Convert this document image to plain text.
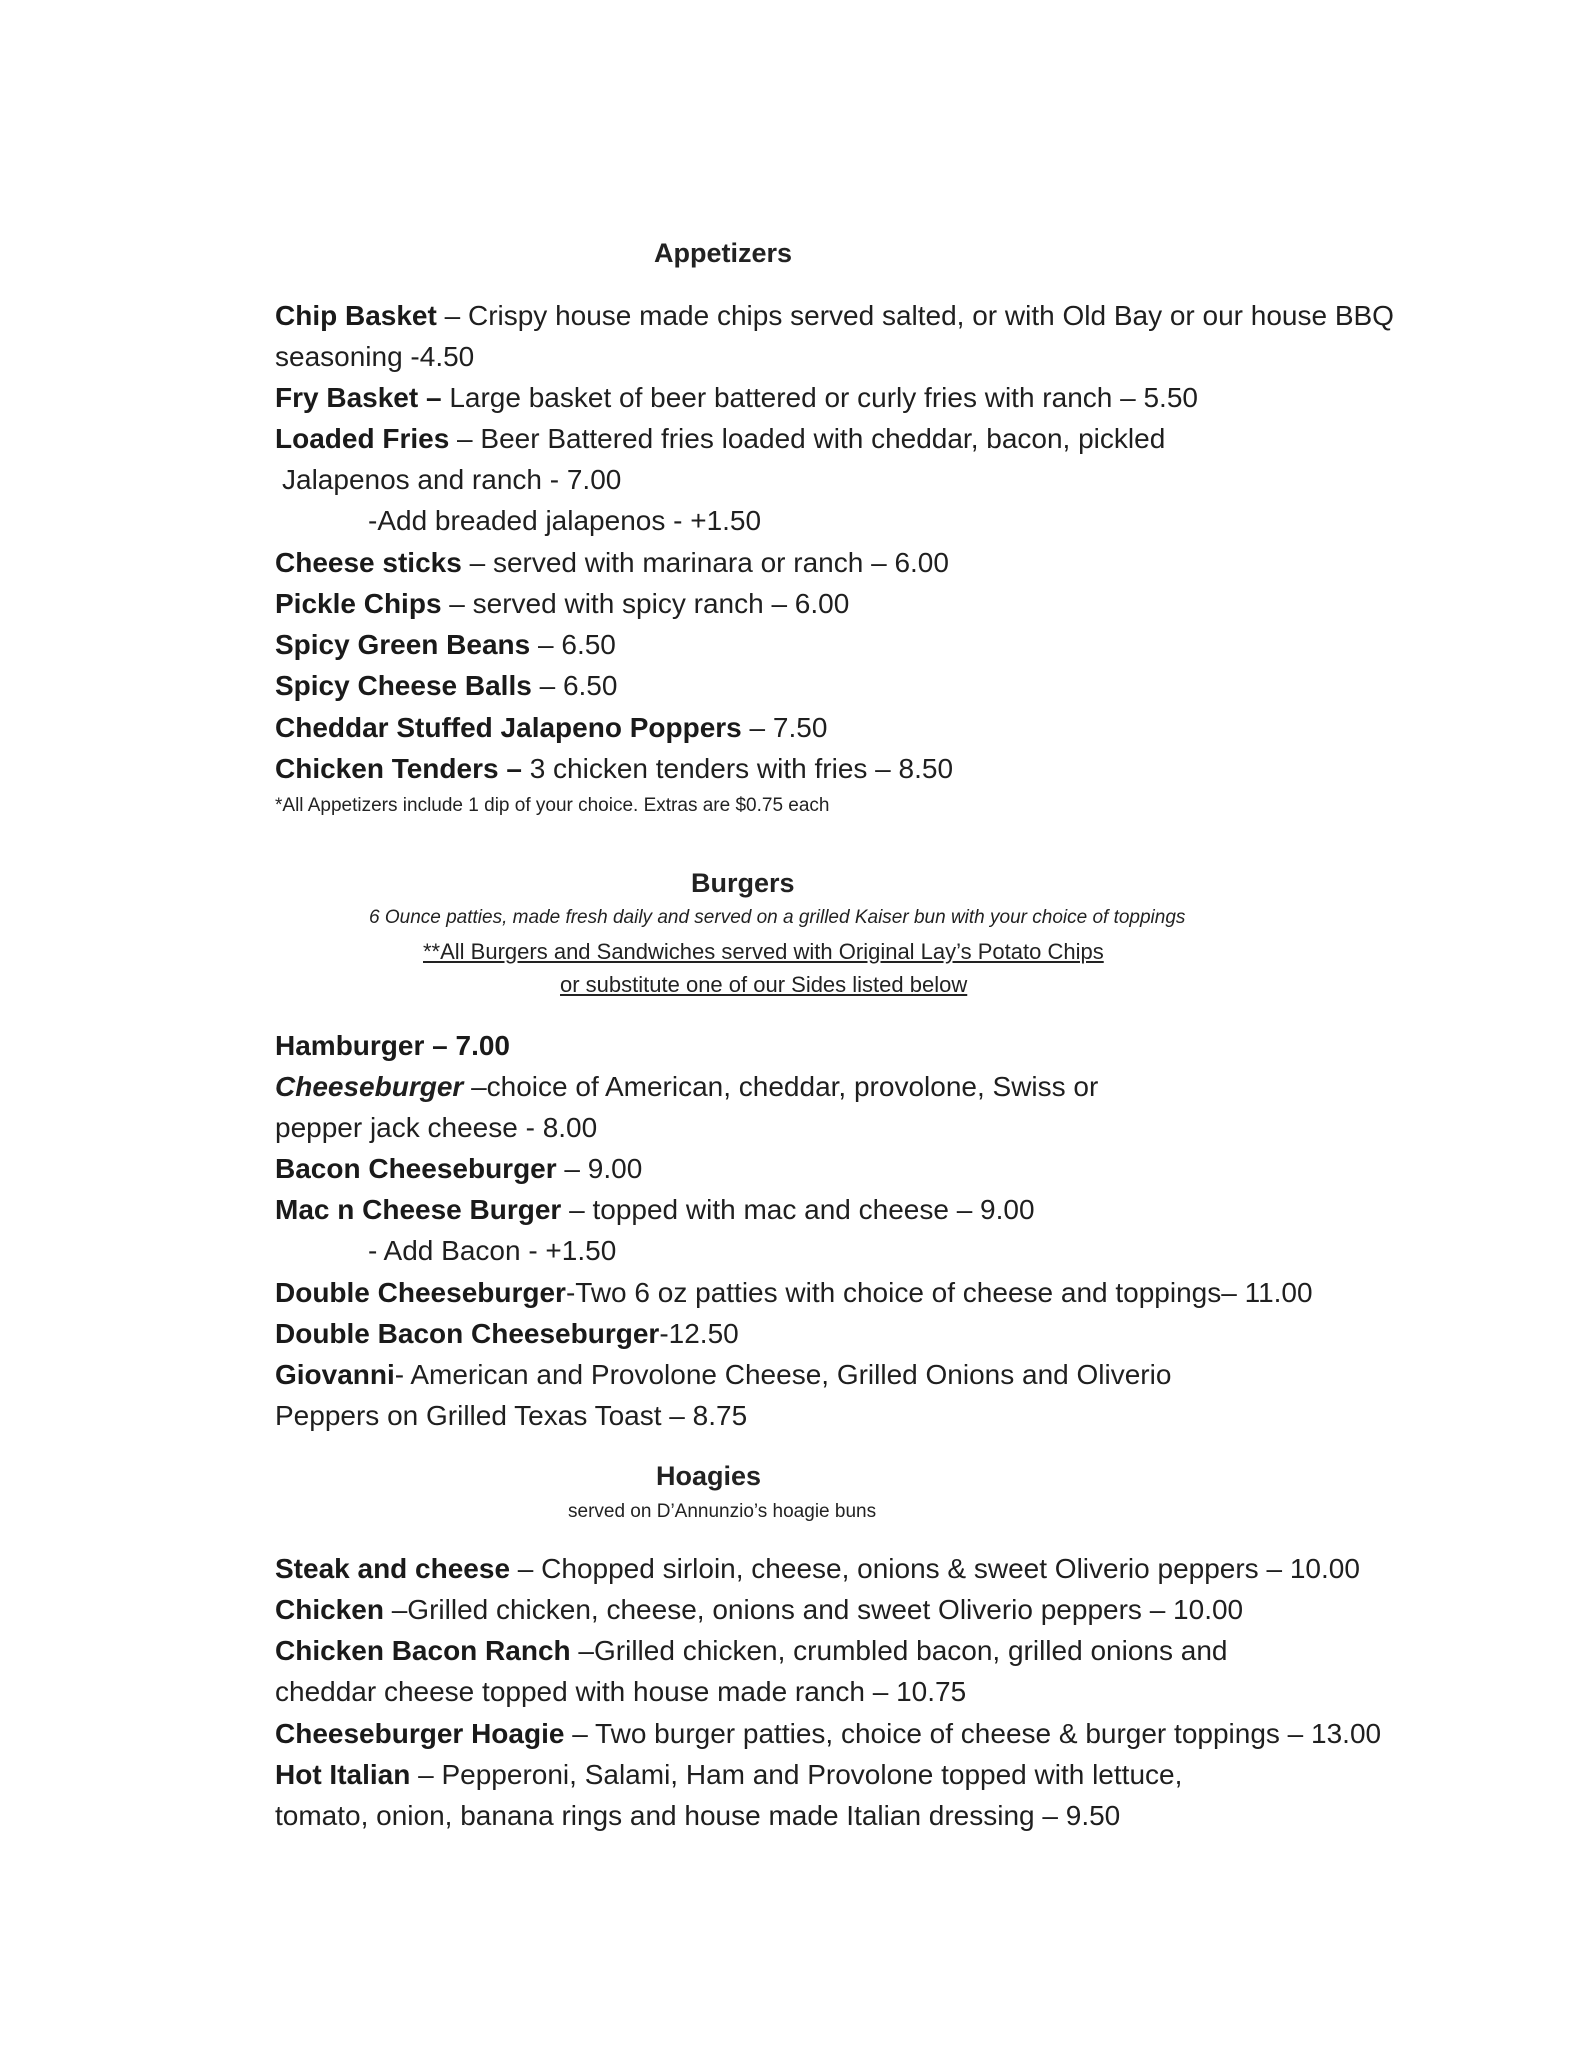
Appetizers
Chip Basket – Crispy house made chips served salted, or with Old Bay or our house BBQ
seasoning -4.50
Fry Basket – Large basket of beer battered or curly fries with ranch – 5.50
Loaded Fries – Beer Battered fries loaded with cheddar, bacon, pickled
Jalapenos and ranch - 7.00
-Add breaded jalapenos - +1.50
Cheese sticks – served with marinara or ranch – 6.00
Pickle Chips – served with spicy ranch – 6.00
Spicy Green Beans – 6.50
Spicy Cheese Balls – 6.50
Cheddar Stuffed Jalapeno Poppers – 7.50
Chicken Tenders – 3 chicken tenders with fries – 8.50
*All Appetizers include 1 dip of your choice. Extras are $0.75 each
Burgers
6 Ounce patties, made fresh daily and served on a grilled Kaiser bun with your choice of toppings
**All Burgers and Sandwiches served with Original Lay’s Potato Chips
or substitute one of our Sides listed below
Hamburger – 7.00
Cheeseburger –choice of American, cheddar, provolone, Swiss or
pepper jack cheese - 8.00
Bacon Cheeseburger – 9.00
Mac n Cheese Burger – topped with mac and cheese – 9.00
- Add Bacon - +1.50
Double Cheeseburger-Two 6 oz patties with choice of cheese and toppings– 11.00
Double Bacon Cheeseburger-12.50
Giovanni- American and Provolone Cheese, Grilled Onions and Oliverio
Peppers on Grilled Texas Toast – 8.75
Hoagies
served on D’Annunzio’s hoagie buns
Steak and cheese – Chopped sirloin, cheese, onions & sweet Oliverio peppers – 10.00
Chicken –Grilled chicken, cheese, onions and sweet Oliverio peppers – 10.00
Chicken Bacon Ranch –Grilled chicken, crumbled bacon, grilled onions and
cheddar cheese topped with house made ranch – 10.75
Cheeseburger Hoagie – Two burger patties, choice of cheese & burger toppings – 13.00
Hot Italian – Pepperoni, Salami, Ham and Provolone topped with lettuce,
tomato, onion, banana rings and house made Italian dressing – 9.50
